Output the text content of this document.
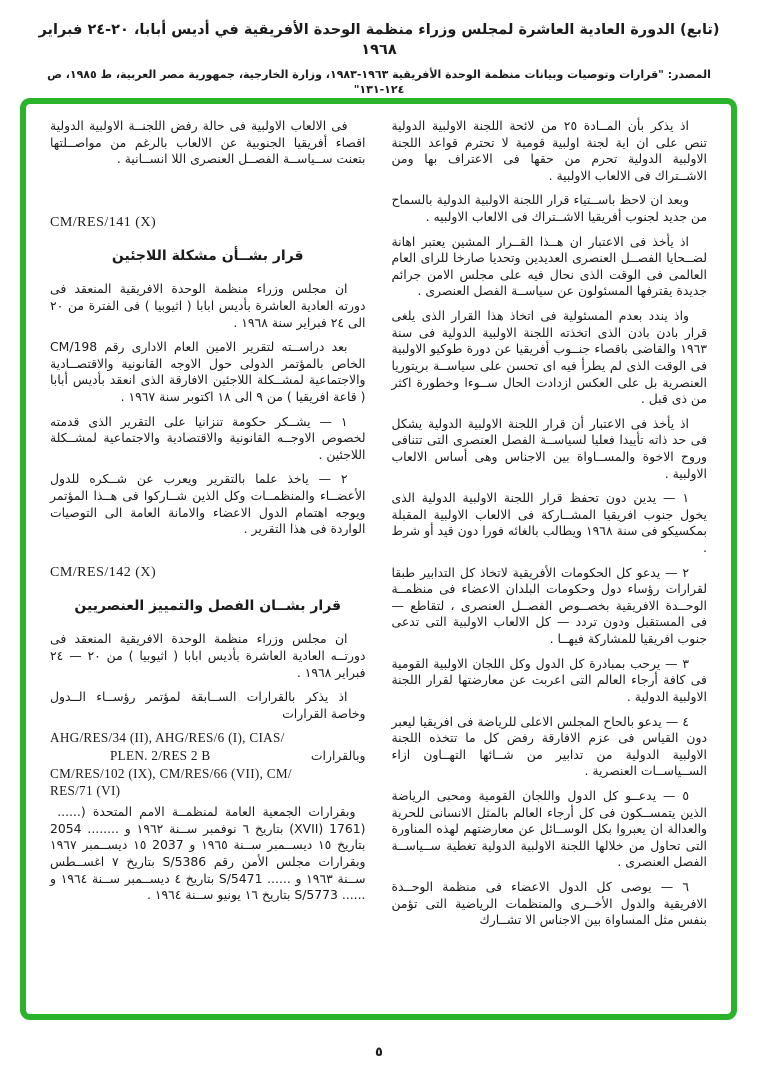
(تابع) الدورة العادية العاشرة لمجلس وزراء منظمة الوحدة الأفريقية في أديس أبابا، ٢٠-٢٤ فبراير ١٩٦٨

المصدر: "قرارات وتوصيات وبيانات منظمة الوحدة الأفريقية ١٩٦٣-١٩٨٣، وزارة الخارجية، جمهورية مصر العربية، ط ١٩٨٥، ص ١٢٤-١٣١"

اذ يذكر بأن المــادة ٢٥ من لائحة اللجنة الاولبية الدولية تنص على ان اية لجنة اولبية قومية لا تحترم قواعد اللجنة الاولبية الدولية تحرم من حقها فى الاعتراف بها ومن الاشــتراك فى الالعاب الاولبية .

وبعد ان لاحظ باســتياء قرار اللجنة الاولبية الدولية بالسماح من جديد لجنوب أفريقيا الاشــتراك فى الالعاب الاولبيه .

اذ يأخذ فى الاعتبار ان هــذا القــرار المشين يعتبر اهانة لضــحايا الفصــل العنصرى العديدين وتحديا صارخا للراى العام العالمى فى الوقت الذى نحال فيه على مجلس الامن جرائم جديدة يقترفها المسئولون عن سياســة الفصل العنصرى .

واذ يندد بعدم المسئولية فى اتخاذ هذا القرار الذى يلغى قرار بادن بادن الذى اتخذته اللجنة الاولبية الدولية فى سنة ١٩٦٣ والقاضى باقصاء جنــوب أفريقيا عن دورة طوكيو الاولبية فى الوقت الذى لم يطرأ فيه اى تحسن على سياســة بريتوريا العنصرية بل على العكس ازدادت الحال ســوءا وخطورة اكثر من ذى قبل .

اذ يأخذ فى الاعتبار أن قرار اللجنة الاولبية الدولية يشكل فى حد ذاته تأييدا فعليا لسياســة الفصل العنصرى التى تتنافى وروح الاخوة والمســاواة بين الاجناس وهى أساس الالعاب الاولبية .

١ — يدين دون تحفظ قرار اللجنة الاولبية الدولية الذى يخول جنوب افريقيا المشــاركة فى الالعاب الاولبية المقبلة بمكسيكو فى سنة ١٩٦٨ ويطالب بالغائه فورا دون قيد أو شرط .

٢ — يدعو كل الحكومات الأفريقية لاتخاذ كل التدابير طبقا لقرارات رؤساء دول وحكومات البلدان الاعضاء فى منظمــة الوحــدة الافريقية بخصــوص الفصــل العنصرى ، لتقاطع — فى المستقبل ودون تردد — كل الالعاب الاولبية التى تدعى جنوب افريقيا للمشاركة فيهــا .

٣ — يرحب بمبادرة كل الدول وكل اللجان الاولبية القومية فى كافة أرجاء العالم التى اعربت عن معارضتها لقرار اللجنة الاولبية الدولية .

٤ — يدعو بالحاح المجلس الاعلى للرياضة فى افريقيا ليعبر دون القياس فى عزم الافارقة رفض كل ما تتخذه اللجنة الاولبية الدولية من تدابير من شــائها التهــاون ازاء الســياســات العنصرية .

٥ — يدعــو كل الدول واللجان القومية ومحبى الرياضة الذين يتمســكون فى كل أرجاء العالم بالمثل الانسانى للحرية والعدالة ان يعبروا بكل الوســائل عن معارضتهم لهذه المناورة التى تحاول من خلالها اللجنة الاولبية الدولية تغطية ســياســة الفصل العنصرى .

٦ — يوصى كل الدول الاعضاء فى منظمة الوحــدة الافريقية والدول الأخــرى والمنظمات الرياضية التى تؤمن بنفس مثل المساواة بين الاجناس الا تشــارك

فى الالعاب الاولبية فى حالة رفض اللجنــة الاولبية الدولية اقصاء أفريقيا الجنوبية عن الالعاب بالرغم من مواصــلتها بتعنت ســياســة الفصــل العنصرى اللا انســانية .

CM/RES/141 (X)

قرار بشــأن مشكلة اللاجئين

ان مجلس وزراء منظمة الوحدة الافريقية المنعقد فى دورته العادية العاشرة بأديس ابابا ( اثيوبيا ) فى الفترة من ٢٠ الى ٢٤ فبراير سنة ١٩٦٨ .

بعد دراســته لتقرير الامين العام الادارى رقم CM/198 الخاص بالمؤتمر الدولى حول الاوجه القانونية والاقتصــادية والاجتماعية لمشــكلة اللاجئين الافارقة الذى انعقد بأديس أبابا ( قاعة افريقيا ) من ٩ الى ١٨ اكتوبر سنة ١٩٦٧ .

١ — يشــكر حكومة تنزانيا على التقرير الذى قدمته لخصوص الاوجــه القانونية والاقتصادية والاجتماعية لمشــكلة اللاجئين .

٢ — ياخذ علما بالتقرير ويعرب عن شــكره للدول الأعضــاء والمنظمــات وكل الذين شــاركوا فى هــذا المؤتمر ويوجه اهتمام الدول الاعضاء والامانة العامة الى التوصيات الواردة فى هذا التقرير .

CM/RES/142 (X)

قرار بشــان الفصل والتمييز العنصريين

ان مجلس وزراء منظمة الوحدة الافريقية المنعقد فى دورتــه العادية العاشرة بأديس ابابا ( اثيوبيا ) من ٢٠ — ٢٤ فبراير ١٩٦٨ .

اذ يذكر بالقرارات الســابقة لمؤتمر رؤســاء الــدول وخاصة القرارات

AHG/RES/34 (II), AHG/RES/6 (I), CIAS/
وبالقرارات
PLEN. 2/RES 2 B
CM/RES/102 (IX), CM/RES/66 (VII), CM/
RES/71 (VI)

وبقرارات الجمعية العامة لمنظمــة الامم المتحدة (......  (1761 (XVII) بتاريخ ٦ نوفمبر ســنة ١٩٦٢ و ........ 2054 بتاريخ ١٥ ديســمبر ســنة ١٩٦٥ و 2037 ١٥ ديســمبر ١٩٦٧ وبقرارات مجلس الأمن رقم S/5386 بتاريخ ٧ اغســطس ســنة ١٩٦٣ و ...... S/5471 بتاريخ ٤ ديســمبر ســنة ١٩٦٤ و ...... S/5773 بتاريخ ١٦ يونيو ســنة ١٩٦٤ .

٥
